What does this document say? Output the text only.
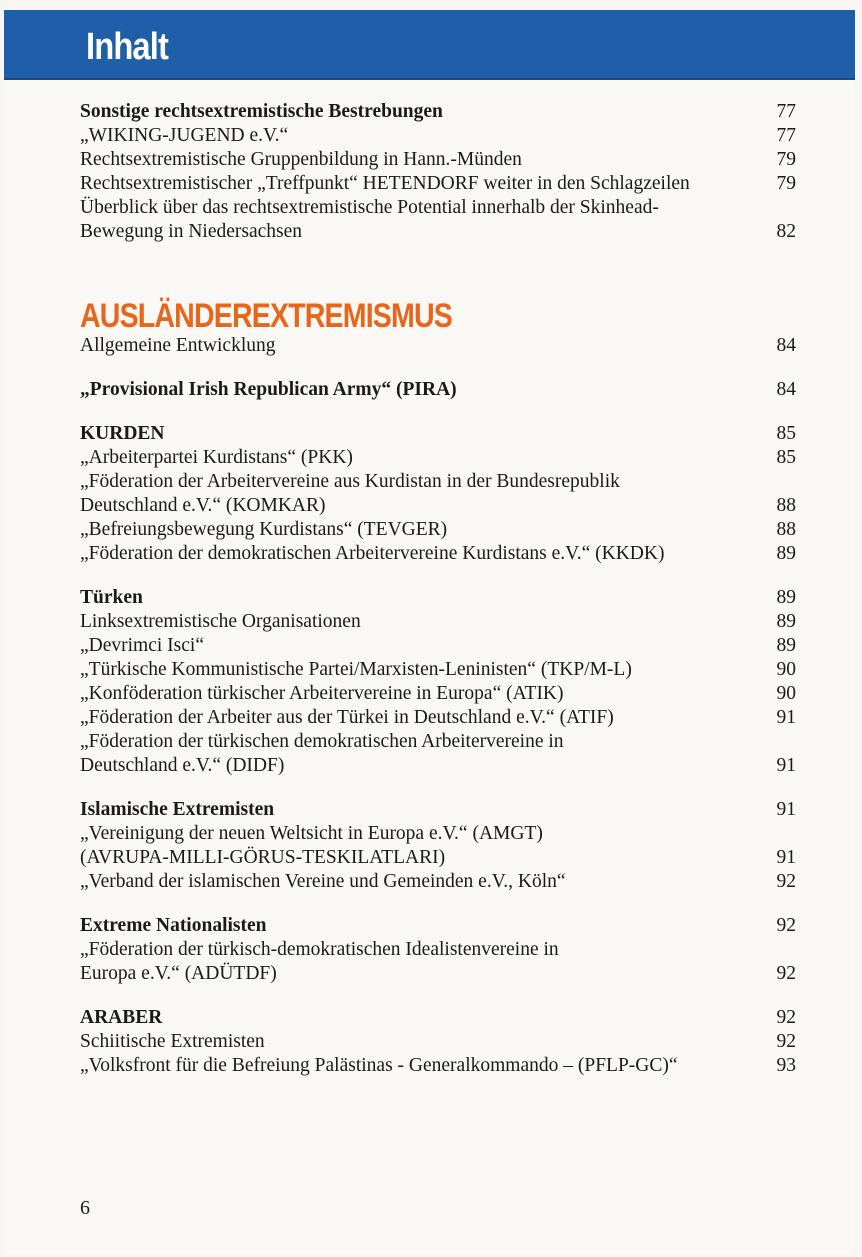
Inhalt
Sonstige rechtsextremistische Bestrebungen	77
„WIKING-JUGEND e.V.“	77
Rechtsextremistische Gruppenbildung in Hann.-Münden	79
Rechtsextremistischer „Treffpunkt“ HETENDORF weiter in den Schlagzeilen	79
Überblick über das rechtsextremistische Potential innerhalb der Skinhead-Bewegung in Niedersachsen	82
AUSLÄNDEREXTREMISMUS
Allgemeine Entwicklung	84
„Provisional Irish Republican Army“ (PIRA)	84
KURDEN	85
„Arbeiterpartei Kurdistans“ (PKK)	85
„Föderation der Arbeitervereine aus Kurdistan in der Bundesrepublik Deutschland e.V.“ (KOMKAR)	88
„Befreiungsbewegung Kurdistans“ (TEVGER)	88
„Föderation der demokratischen Arbeitervereine Kurdistans e.V.“ (KKDK)	89
Türken	89
Linksextremistische Organisationen	89
„Devrimci Isci“	89
„Türkische Kommunistische Partei/Marxisten-Leninisten“ (TKP/M-L)	90
„Konföderation türkischer Arbeitervereine in Europa“ (ATIK)	90
„Föderation der Arbeiter aus der Türkei in Deutschland e.V.“ (ATIF)	91
„Föderation der türkischen demokratischen Arbeitervereine in Deutschland e.V.“ (DIDF)	91
Islamische Extremisten	91
„Vereinigung der neuen Weltsicht in Europa e.V.“ (AMGT) (AVRUPA-MILLI-GÖRUS-TESKILATLARI)	91
„Verband der islamischen Vereine und Gemeinden e.V., Köln“	92
Extreme Nationalisten	92
„Föderation der türkisch-demokratischen Idealistenvereine in Europa e.V.“ (ADÜTDF)	92
ARABER	92
Schiitische Extremisten	92
„Volksfront für die Befreiung Palästinas - Generalkommando – (PFLP-GC)“	93
6
